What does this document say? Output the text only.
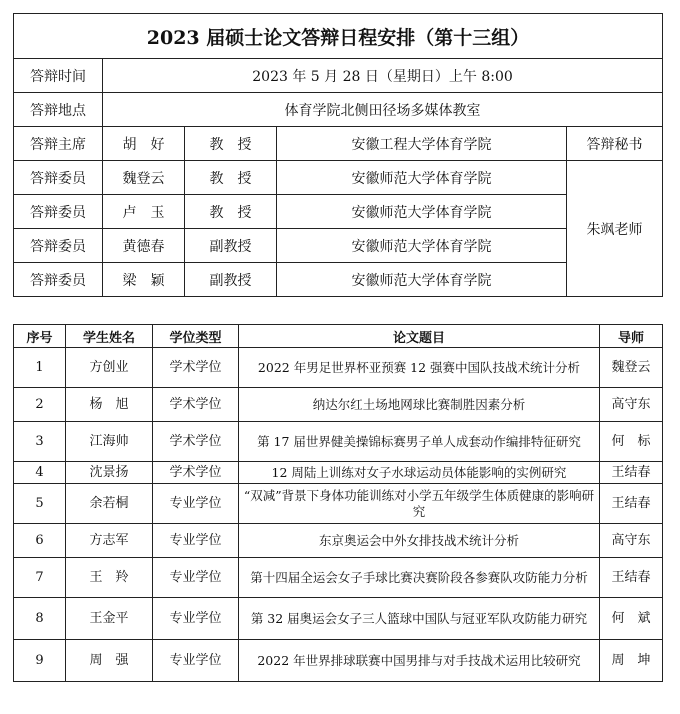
2023 届硕士论文答辩日程安排（第十三组）				
答辩时间	2023 年 5 月 28 日（星期日）上午 8:00			
答辩地点	体育学院北侧田径场多媒体教室			
答辩主席	胡　好	教　授	安徽工程大学体育学院	答辩秘书
答辩委员	魏登云	教　授	安徽师范大学体育学院	朱飒老师
答辩委员	卢　玉	教　授	安徽师范大学体育学院	
答辩委员	黄德春	副教授	安徽师范大学体育学院	
答辩委员	梁　颖	副教授	安徽师范大学体育学院	
序号	学生姓名	学位类型	论文题目	导师
1	方创业	学术学位	2022 年男足世界杯亚预赛 12 强赛中国队技战术统计分析	魏登云
2	杨　旭	学术学位	纳达尔红土场地网球比赛制胜因素分析	高守东
3	江海帅	学术学位	第 17 届世界健美操锦标赛男子单人成套动作编排特征研究	何　标
4	沈景扬	学术学位	12 周陆上训练对女子水球运动员体能影响的实例研究	王结春
5	余若桐	专业学位	“双减”背景下身体功能训练对小学五年级学生体质健康的影响研究	王结春
6	方志军	专业学位	东京奥运会中外女排技战术统计分析	高守东
7	王　羚	专业学位	第十四届全运会女子手球比赛决赛阶段各参赛队攻防能力分析	王结春
8	王金平	专业学位	第 32 届奥运会女子三人篮球中国队与冠亚军队攻防能力研究	何　斌
9	周　强	专业学位	2022 年世界排球联赛中国男排与对手技战术运用比较研究	周　坤
